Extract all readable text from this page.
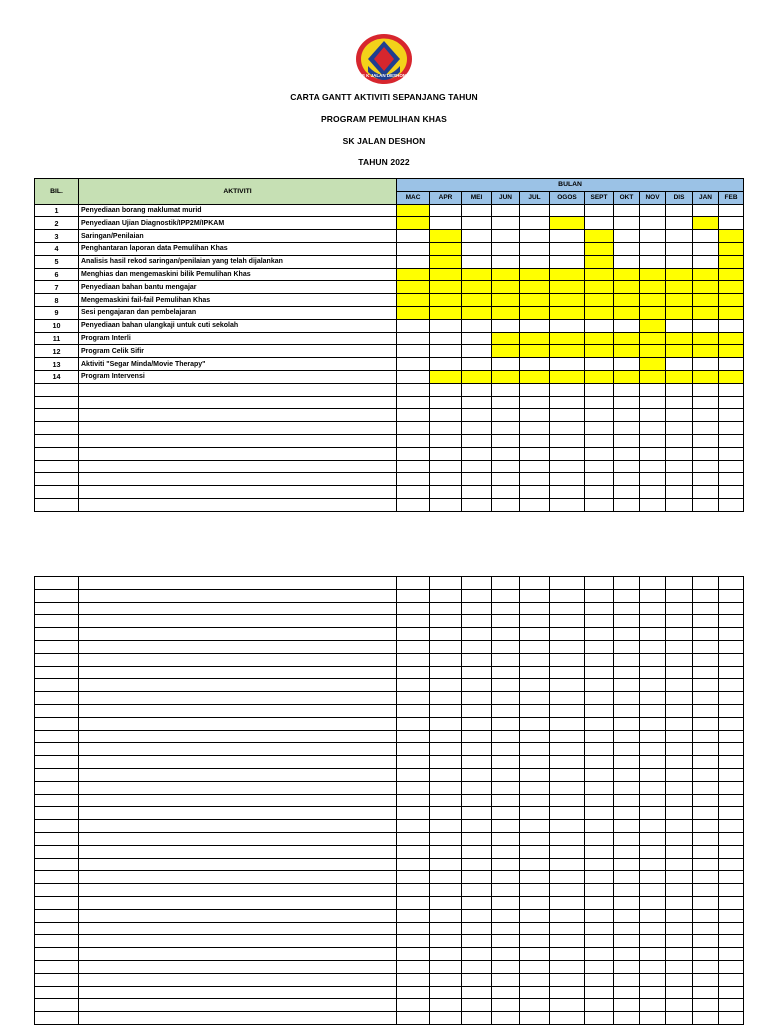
S K JALAN DESHON
CARTA GANTT AKTIVITI SEPANJANG TAHUN
PROGRAM PEMULIHAN KHAS
SK JALAN DESHON
TAHUN 2022
BIL.	AKTIVITI	BULAN											
		MAC	APR	MEI	JUN	JUL	OGOS	SEPT	OKT	NOV	DIS	JAN	FEB
1	Penyediaan borang maklumat murid												
2	Penyediaan Ujian Diagnostik/IPP2M/IPKAM												
3	Saringan/Penilaian												
4	Penghantaran laporan data Pemulihan Khas												
5	Analisis hasil rekod saringan/penilaian yang telah dijalankan												
6	Menghias dan mengemaskini bilik Pemulihan Khas												
7	Penyediaan bahan bantu mengajar												
8	Mengemaskini fail-fail Pemulihan Khas												
9	Sesi pengajaran dan pembelajaran												
10	Penyediaan bahan ulangkaji untuk cuti sekolah												
11	Program Interli												
12	Program Celik Sifir												
13	Aktiviti "Segar Minda/Movie Therapy"												
14	Program Intervensi												
